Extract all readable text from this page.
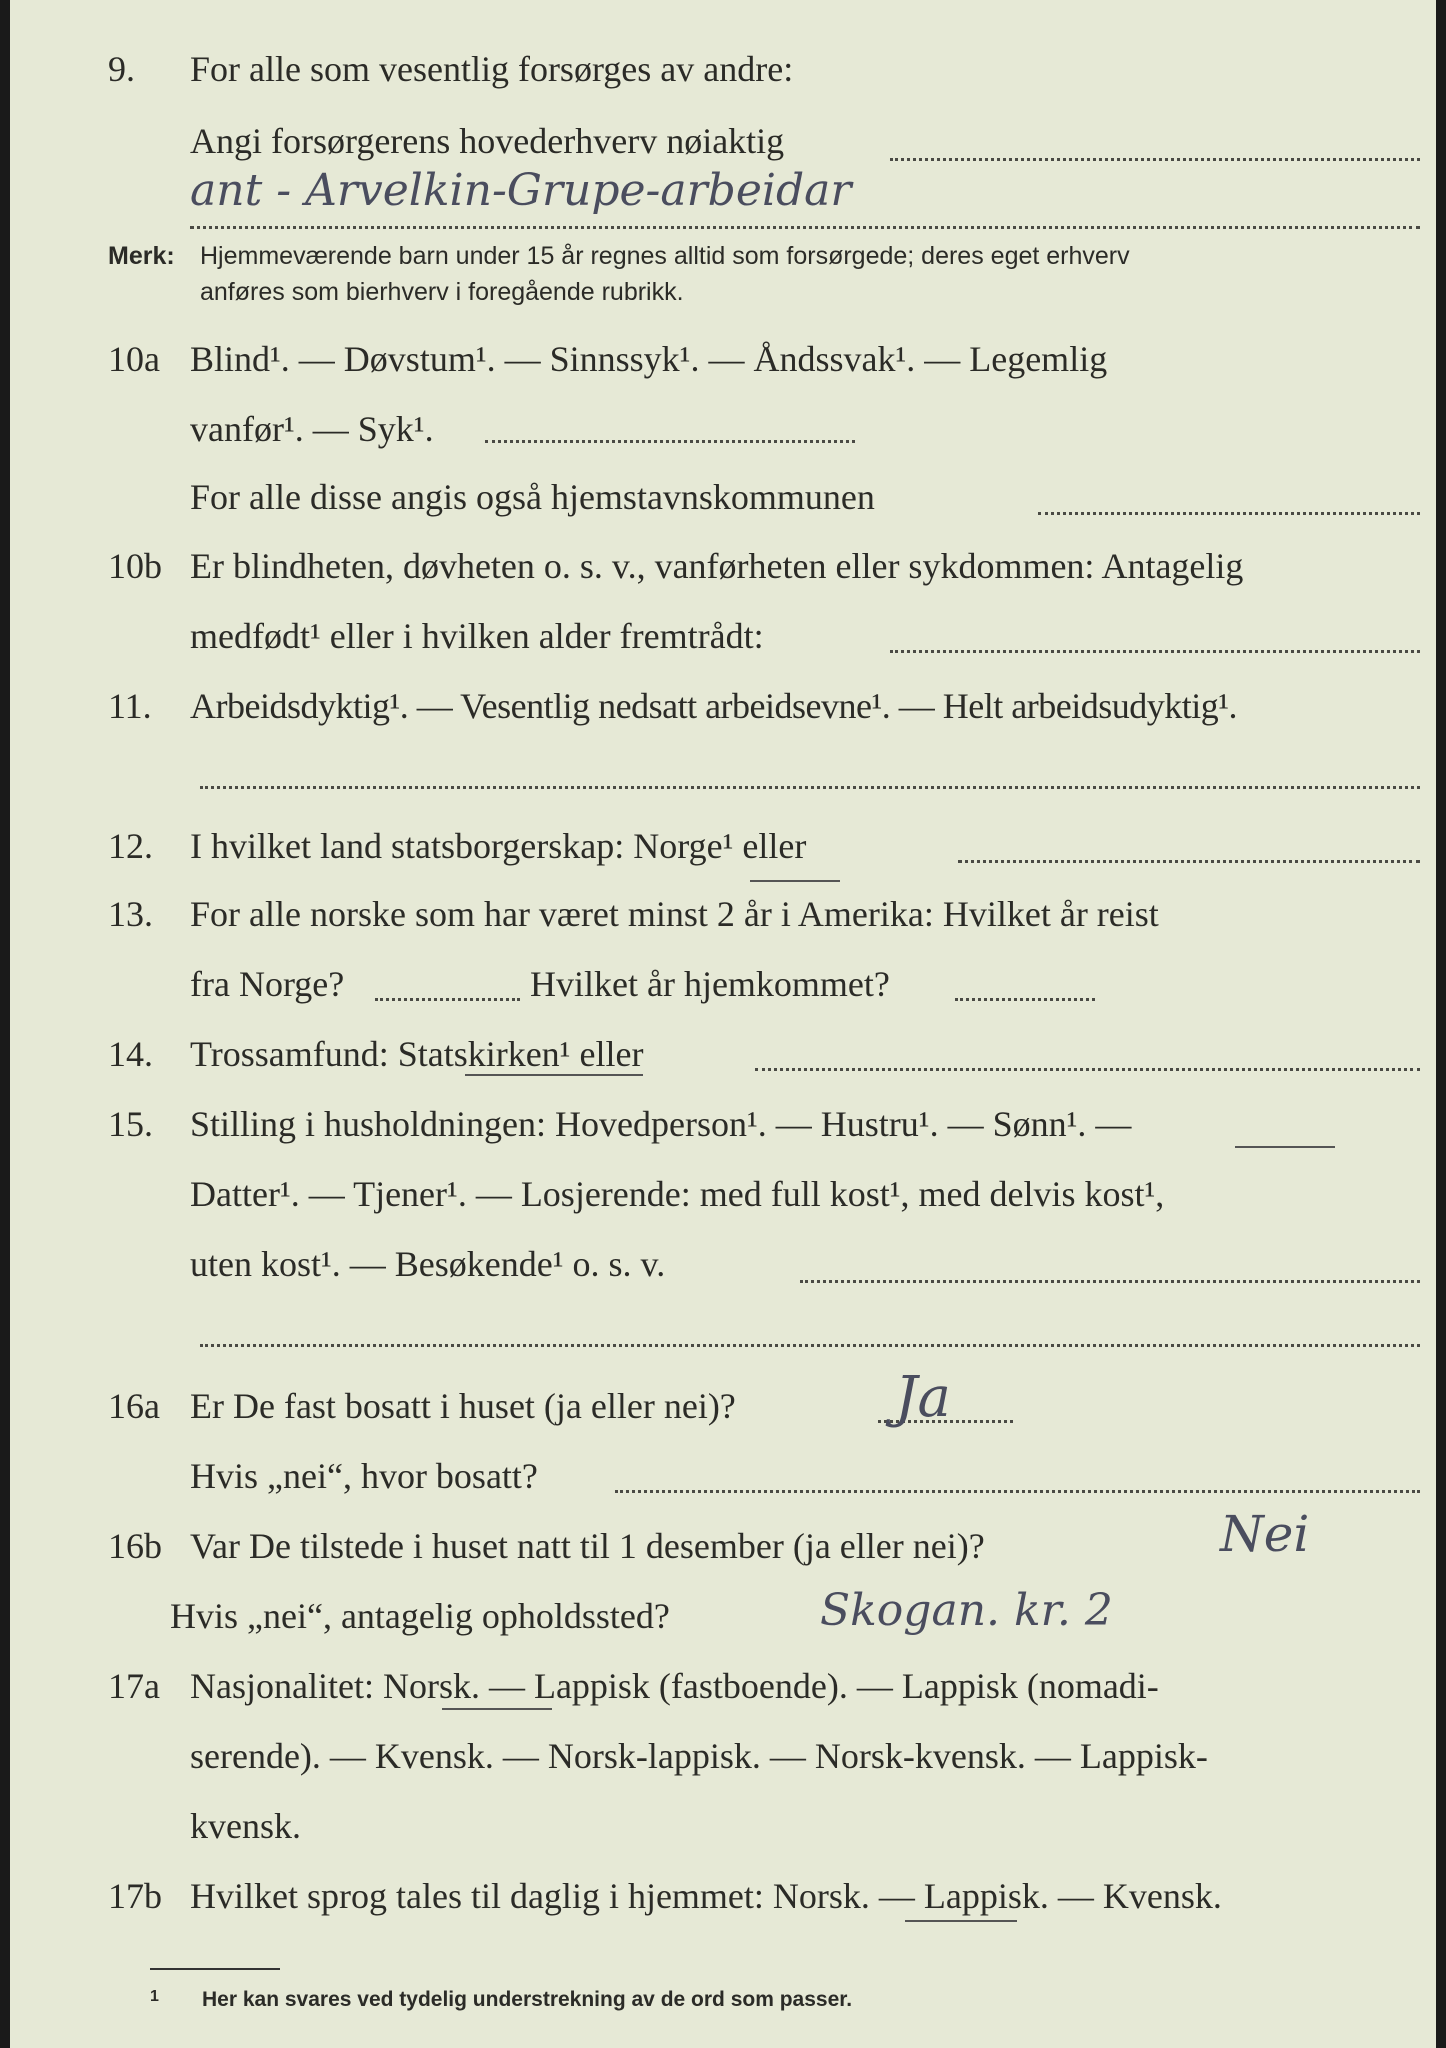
9. For alle som vesentlig forsørges av andre:
Angi forsørgerens hovederhverv nøiaktig
ant - Arvelkin-Grupe-arbeidar
Merk: Hjemmeværende barn under 15 år regnes alltid som forsørgede; deres eget erhverv
anføres som bierhverv i foregående rubrikk.
10a Blind¹. — Døvstum¹. — Sinnssyk¹. — Åndssvak¹. — Legemlig
vanfør¹. — Syk¹.
For alle disse angis også hjemstavnskommunen
10b Er blindheten, døvheten o. s. v., vanførheten eller sykdommen: Antagelig
medfødt¹ eller i hvilken alder fremtrådt:
11. Arbeidsdyktig¹. — Vesentlig nedsatt arbeidsevne¹. — Helt arbeidsudyktig¹.
12. I hvilket land statsborgerskap: Norge¹ eller
13. For alle norske som har været minst 2 år i Amerika: Hvilket år reist
fra Norge?	Hvilket år hjemkommet?
14. Trossamfund: Statskirken¹ eller
15. Stilling i husholdningen: Hovedperson¹. — Hustru¹. — Sønn¹. —
Datter¹. — Tjener¹. — Losjerende: med full kost¹, med delvis kost¹,
uten kost¹. — Besøkende¹ o. s. v.
16a Er De fast bosatt i huset (ja eller nei)?	Ja
Hvis „nei“, hvor bosatt?
16b Var De tilstede i huset natt til 1 desember (ja eller nei)?	Nei
Hvis „nei“, antagelig opholdssted?	Skogan. kr. 2
17a Nasjonalitet: Norsk. — Lappisk (fastboende). — Lappisk (nomadi-
serende). — Kvensk. — Norsk-lappisk. — Norsk-kvensk. — Lappisk-
kvensk.
17b Hvilket sprog tales til daglig i hjemmet: Norsk. — Lappisk. — Kvensk.
1 Her kan svares ved tydelig understrekning av de ord som passer.
